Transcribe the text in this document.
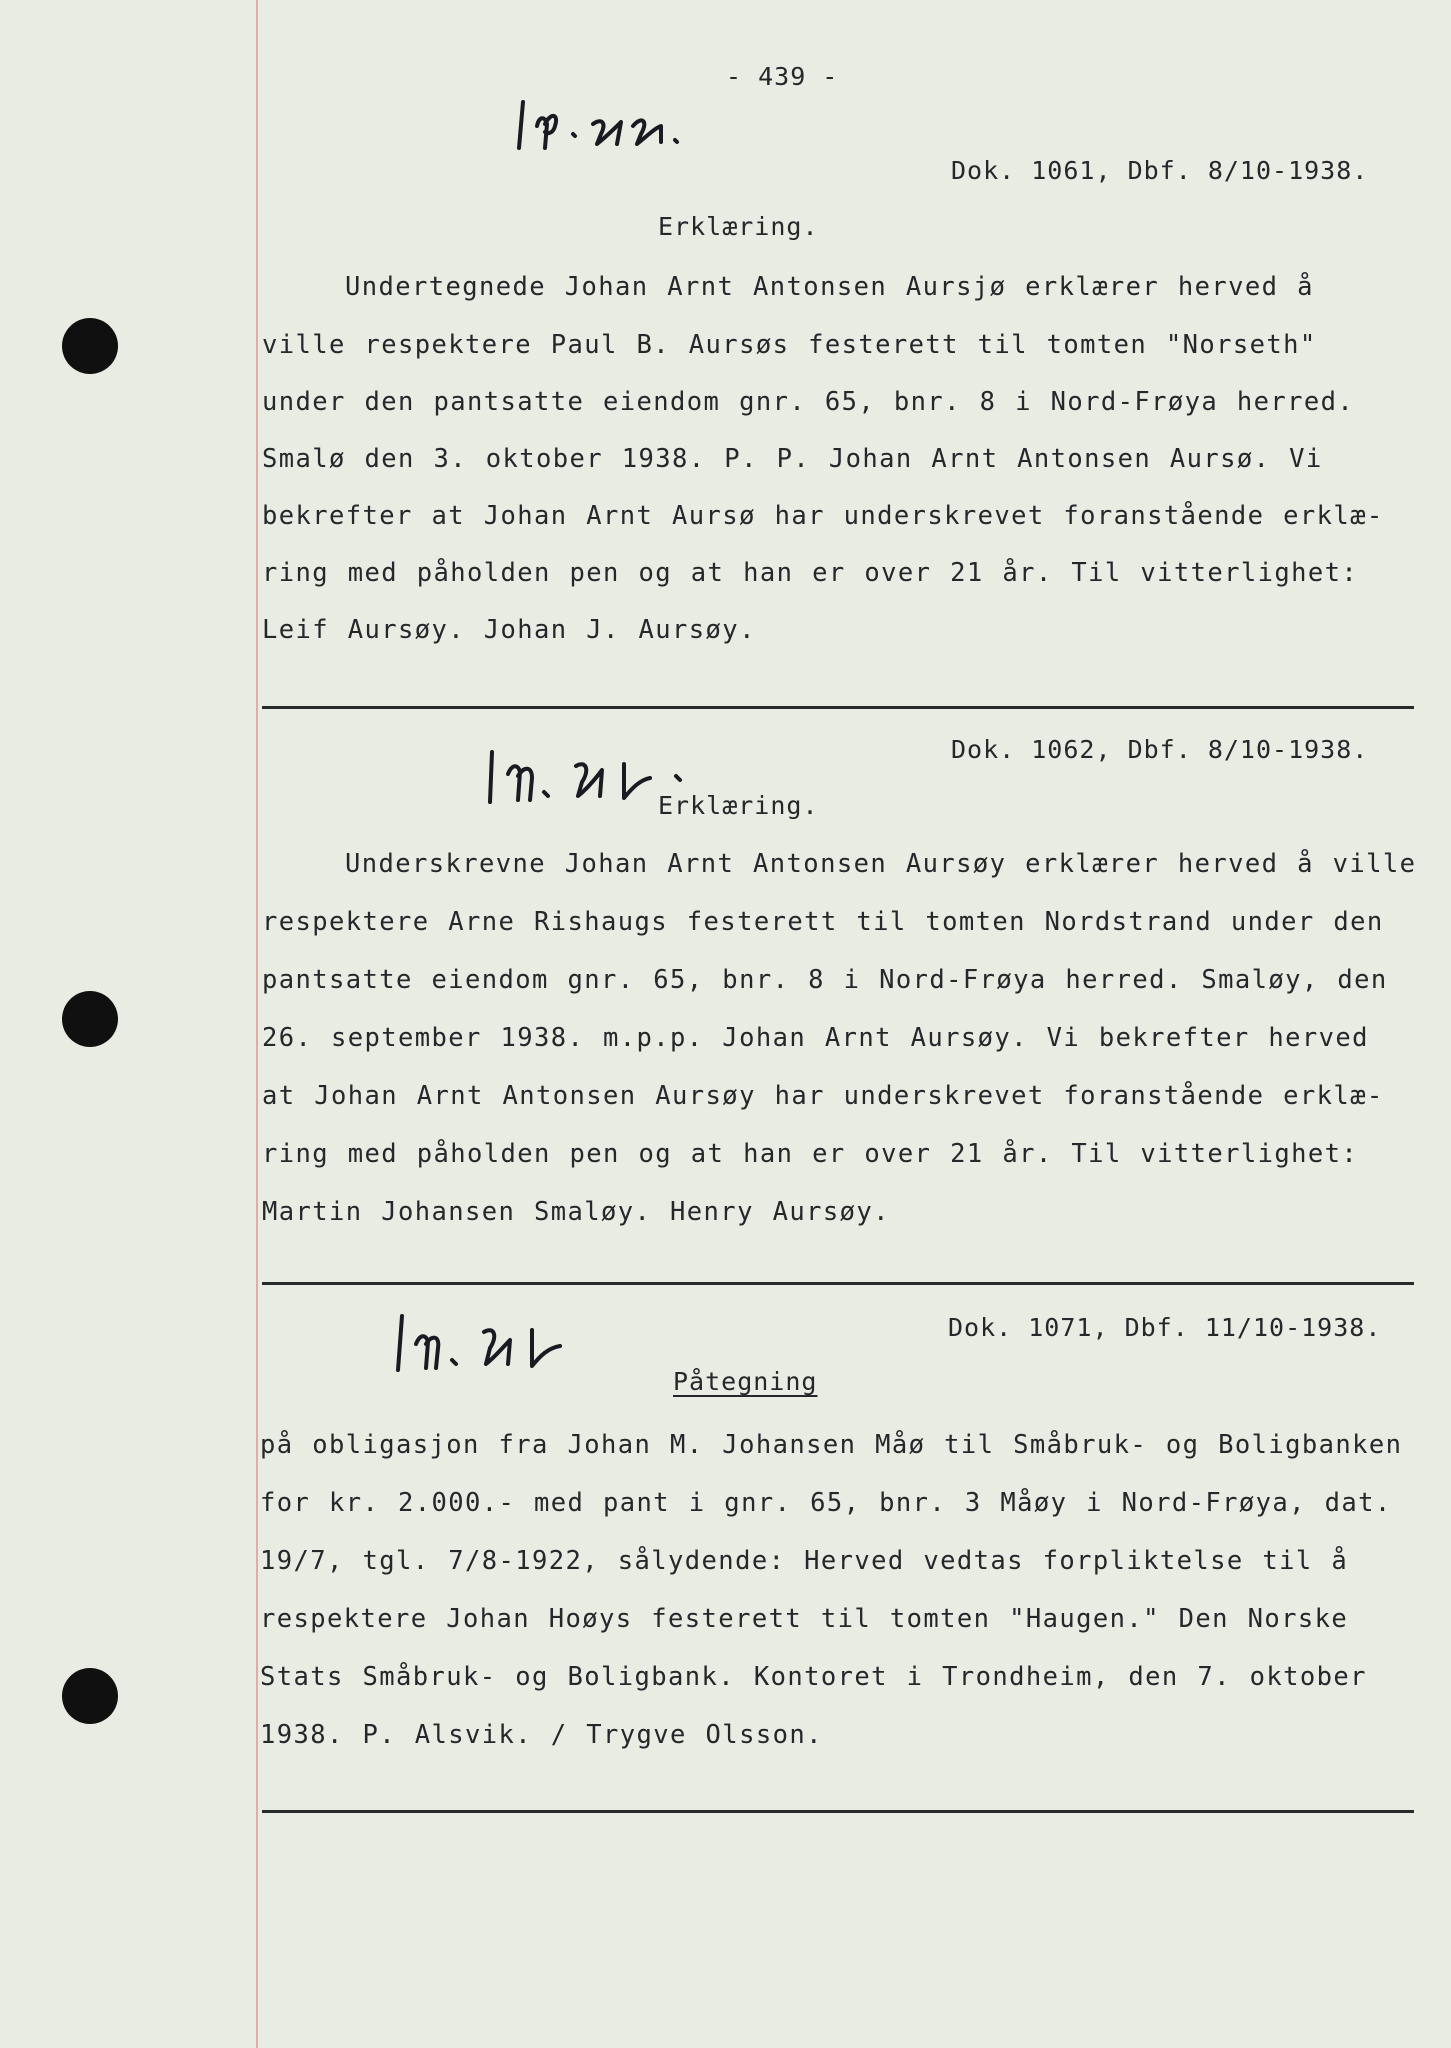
- 439 -
Dok. 1061, Dbf. 8/10-1938.
Erklæring.
Undertegnede Johan Arnt Antonsen Aursjø erklærer herved å
ville respektere Paul B. Aursøs festerett til tomten "Norseth"
under den pantsatte eiendom gnr. 65, bnr. 8 i Nord-Frøya herred.
Smalø den 3. oktober 1938. P. P. Johan Arnt Antonsen Aursø. Vi
bekrefter at Johan Arnt Aursø har underskrevet foranstående erklæ-
ring med påholden pen og at han er over 21 år. Til vitterlighet:
Leif Aursøy. Johan J. Aursøy.
Dok. 1062, Dbf. 8/10-1938.
Erklæring.
Underskrevne Johan Arnt Antonsen Aursøy erklærer herved å ville
respektere Arne Rishaugs festerett til tomten Nordstrand under den
pantsatte eiendom gnr. 65, bnr. 8 i Nord-Frøya herred. Smaløy, den
26. september 1938. m.p.p. Johan Arnt Aursøy. Vi bekrefter herved
at Johan Arnt Antonsen Aursøy har underskrevet foranstående erklæ-
ring med påholden pen og at han er over 21 år. Til vitterlighet:
Martin Johansen Smaløy. Henry Aursøy.
Dok. 1071, Dbf. 11/10-1938.
Påtegning
på obligasjon fra Johan M. Johansen Måø til Småbruk- og Boligbanken
for kr. 2.000.- med pant i gnr. 65, bnr. 3 Måøy i Nord-Frøya, dat.
19/7, tgl. 7/8-1922, sålydende: Herved vedtas forpliktelse til å
respektere Johan Hoøys festerett til tomten "Haugen." Den Norske
Stats Småbruk- og Boligbank. Kontoret i Trondheim, den 7. oktober
1938. P. Alsvik. / Trygve Olsson.
